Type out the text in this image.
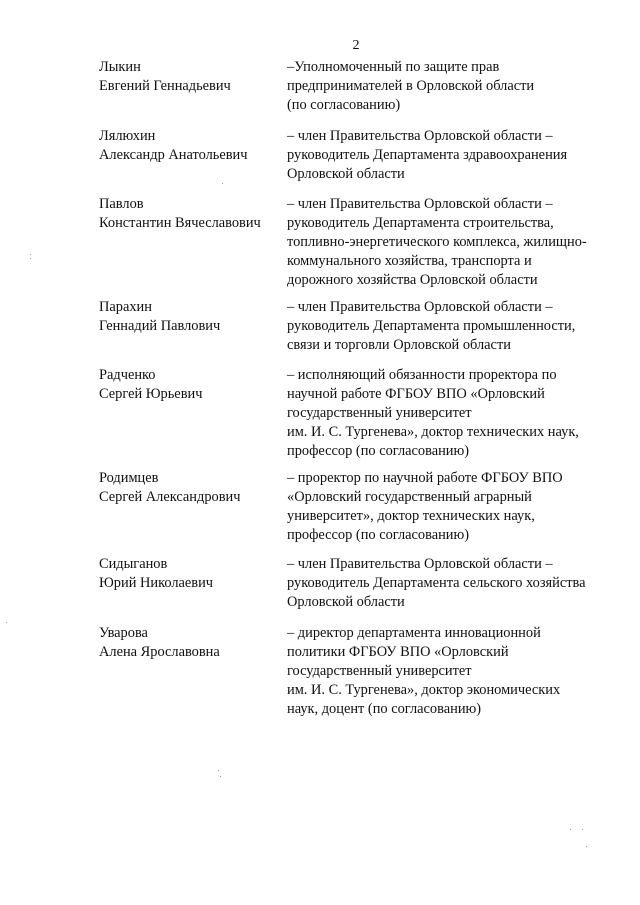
2
Лыкин
Евгений Геннадьевич
–Уполномоченный по защите прав
предпринимателей в Орловской области
(по согласованию)
Лялюхин
Александр Анатольевич
– член Правительства Орловской области –
руководитель Департамента здравоохранения
Орловской области
Павлов
Константин Вячеславович
– член Правительства Орловской области –
руководитель Департамента строительства,
топливно-энергетического комплекса, жилищно-
коммунального хозяйства, транспорта и
дорожного хозяйства Орловской области
Парахин
Геннадий Павлович
– член Правительства Орловской области –
руководитель Департамента промышленности,
связи и торговли Орловской области
Радченко
Сергей Юрьевич
– исполняющий обязанности проректора по
научной работе ФГБОУ ВПО «Орловский
государственный университет
им. И. С. Тургенева», доктор технических наук,
профессор (по согласованию)
Родимцев
Сергей Александрович
– проректор по научной работе ФГБОУ ВПО
«Орловский государственный аграрный
университет», доктор технических наук,
профессор (по согласованию)
Сидыганов
Юрий Николаевич
– член Правительства Орловской области –
руководитель Департамента сельского хозяйства
Орловской области
Уварова
Алена Ярославовна
– директор департамента инновационной
политики ФГБОУ ВПО «Орловский
государственный университет
им. И. С. Тургенева», доктор экономических
наук, доцент (по согласованию)
